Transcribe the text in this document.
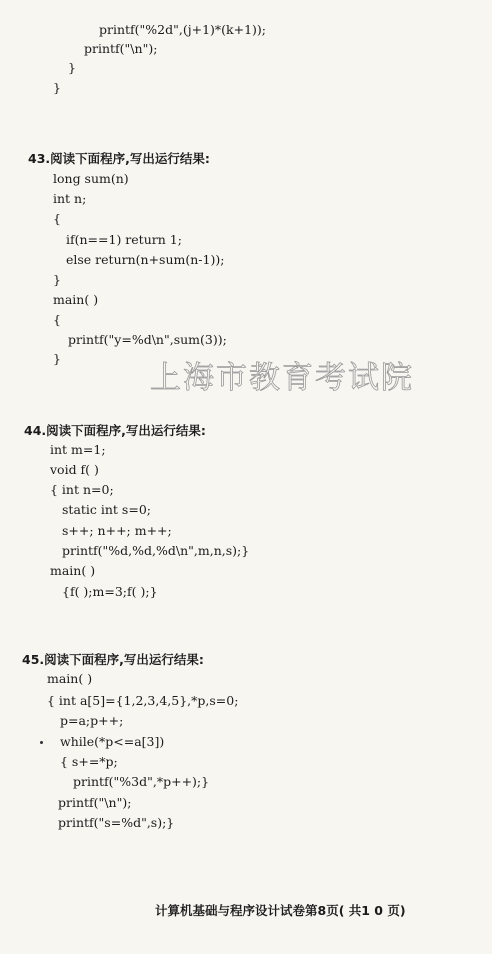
printf("%2d",(j+1)*(k+1));
printf("\n");
}
}
43.阅读下面程序,写出运行结果:
long sum(n)
int n;
{
if(n==1) return 1;
else return(n+sum(n-1));
}
main( )
{
printf("y=%d\n",sum(3));
}
上海市教育考试院
44.阅读下面程序,写出运行结果:
int m=1;
void f( )
{ int n=0;
static int s=0;
s++; n++; m++;
printf("%d,%d,%d\n",m,n,s);}
main( )
{f( );m=3;f( );}
45.阅读下面程序,写出运行结果:
main( )
{ int a[5]={1,2,3,4,5},*p,s=0;
p=a;p++;
while(*p<=a[3])
{ s+=*p;
printf("%3d",*p++);}
printf("\n");
printf("s=%d",s);}
计算机基础与程序设计试卷第8页( 共1 0 页)
